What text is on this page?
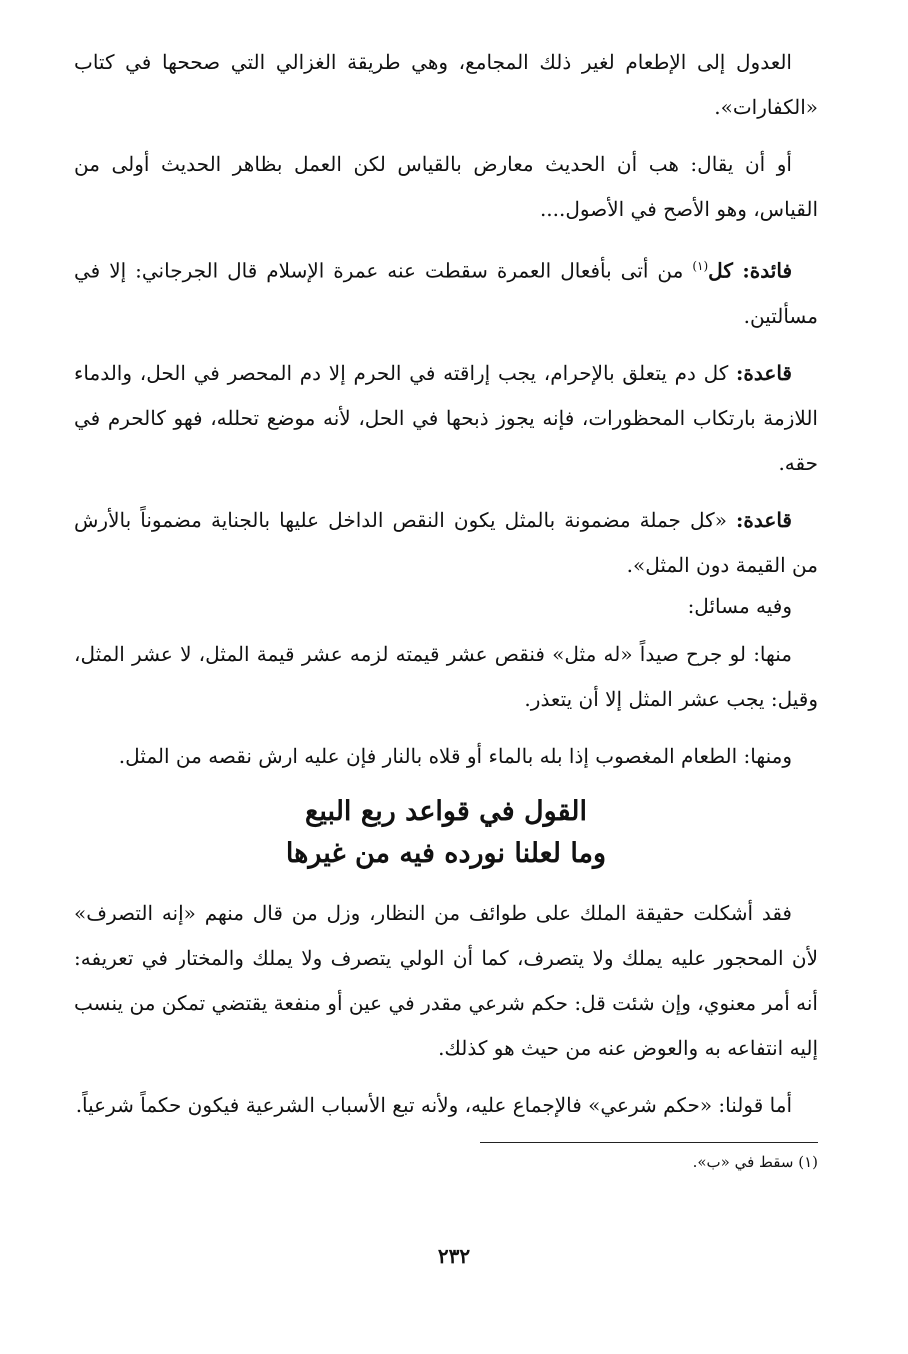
العدول إلى الإطعام لغير ذلك المجامع، وهي طريقة الغزالي التي صححها في كتاب «الكفارات».

أو أن يقال: هب أن الحديث معارض بالقياس لكن العمل بظاهر الحديث أولى من القياس، وهو الأصح في الأصول....

فائدة: كل$^{(١)}$ من أتى بأفعال العمرة سقطت عنه عمرة الإسلام قال الجرجاني: إلا في مسألتين.

قاعدة: كل دم يتعلق بالإحرام، يجب إراقته في الحرم إلا دم المحصر في الحل، والدماء اللازمة بارتكاب المحظورات، فإنه يجوز ذبحها في الحل، لأنه موضع تحلله، فهو كالحرم في حقه.

قاعدة: «كل جملة مضمونة بالمثل يكون النقص الداخل عليها بالجناية مضموناً بالأرش من القيمة دون المثل».

وفيه مسائل:

منها: لو جرح صيداً «له مثل» فنقص عشر قيمته لزمه عشر قيمة المثل، لا عشر المثل، وقيل: يجب عشر المثل إلا أن يتعذر.

ومنها: الطعام المغصوب إذا بله بالماء أو قلاه بالنار فإن عليه ارش نقصه من المثل.

القول في قواعد ربع البيع
وما لعلنا نورده فيه من غيرها

فقد أشكلت حقيقة الملك على طوائف من النظار، وزل من قال منهم «إنه التصرف» لأن المحجور عليه يملك ولا يتصرف، كما أن الولي يتصرف ولا يملك والمختار في تعريفه: أنه أمر معنوي، وإن شئت قل: حكم شرعي مقدر في عين أو منفعة يقتضي تمكن من ينسب إليه انتفاعه به والعوض عنه من حيث هو كذلك.

أما قولنا: «حكم شرعي» فالإجماع عليه، ولأنه تبع الأسباب الشرعية فيكون حكماً شرعياً.

(١) سقط في «ب».

٢٣٢
